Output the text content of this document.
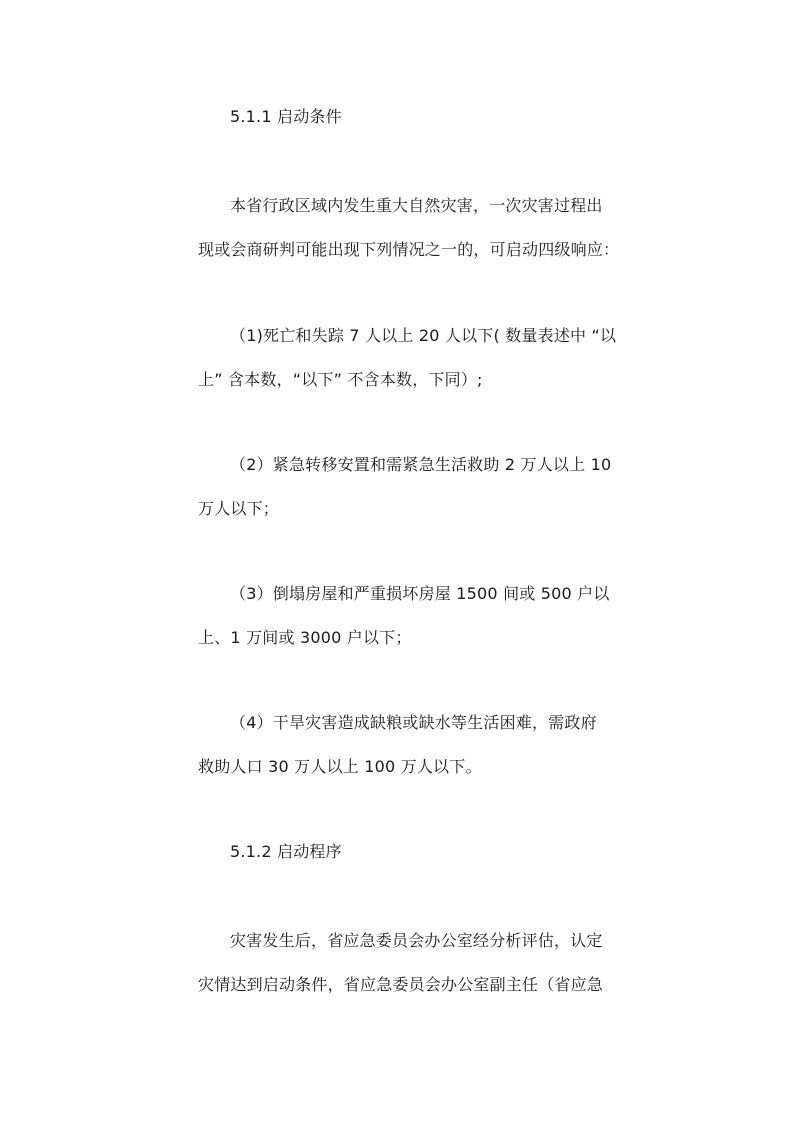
5.1.1 启动条件
本省行政区域内发生重大自然灾害，一次灾害过程出
现或会商研判可能出现下列情况之一的，可启动四级响应：
（1)死亡和失踪 7 人以上 20 人以下( 数量表述中 “以
上” 含本数，“以下” 不含本数，下同）;
（2）紧急转移安置和需紧急生活救助 2 万人以上 10
万人以下；
（3）倒塌房屋和严重损坏房屋 1500 间或 500 户以
上、1 万间或 3000 户以下；
（4）干旱灾害造成缺粮或缺水等生活困难，需政府
救助人口 30 万人以上 100 万人以下。
5.1.2 启动程序
灾害发生后，省应急委员会办公室经分析评估，认定
灾情达到启动条件，省应急委员会办公室副主任（省应急
